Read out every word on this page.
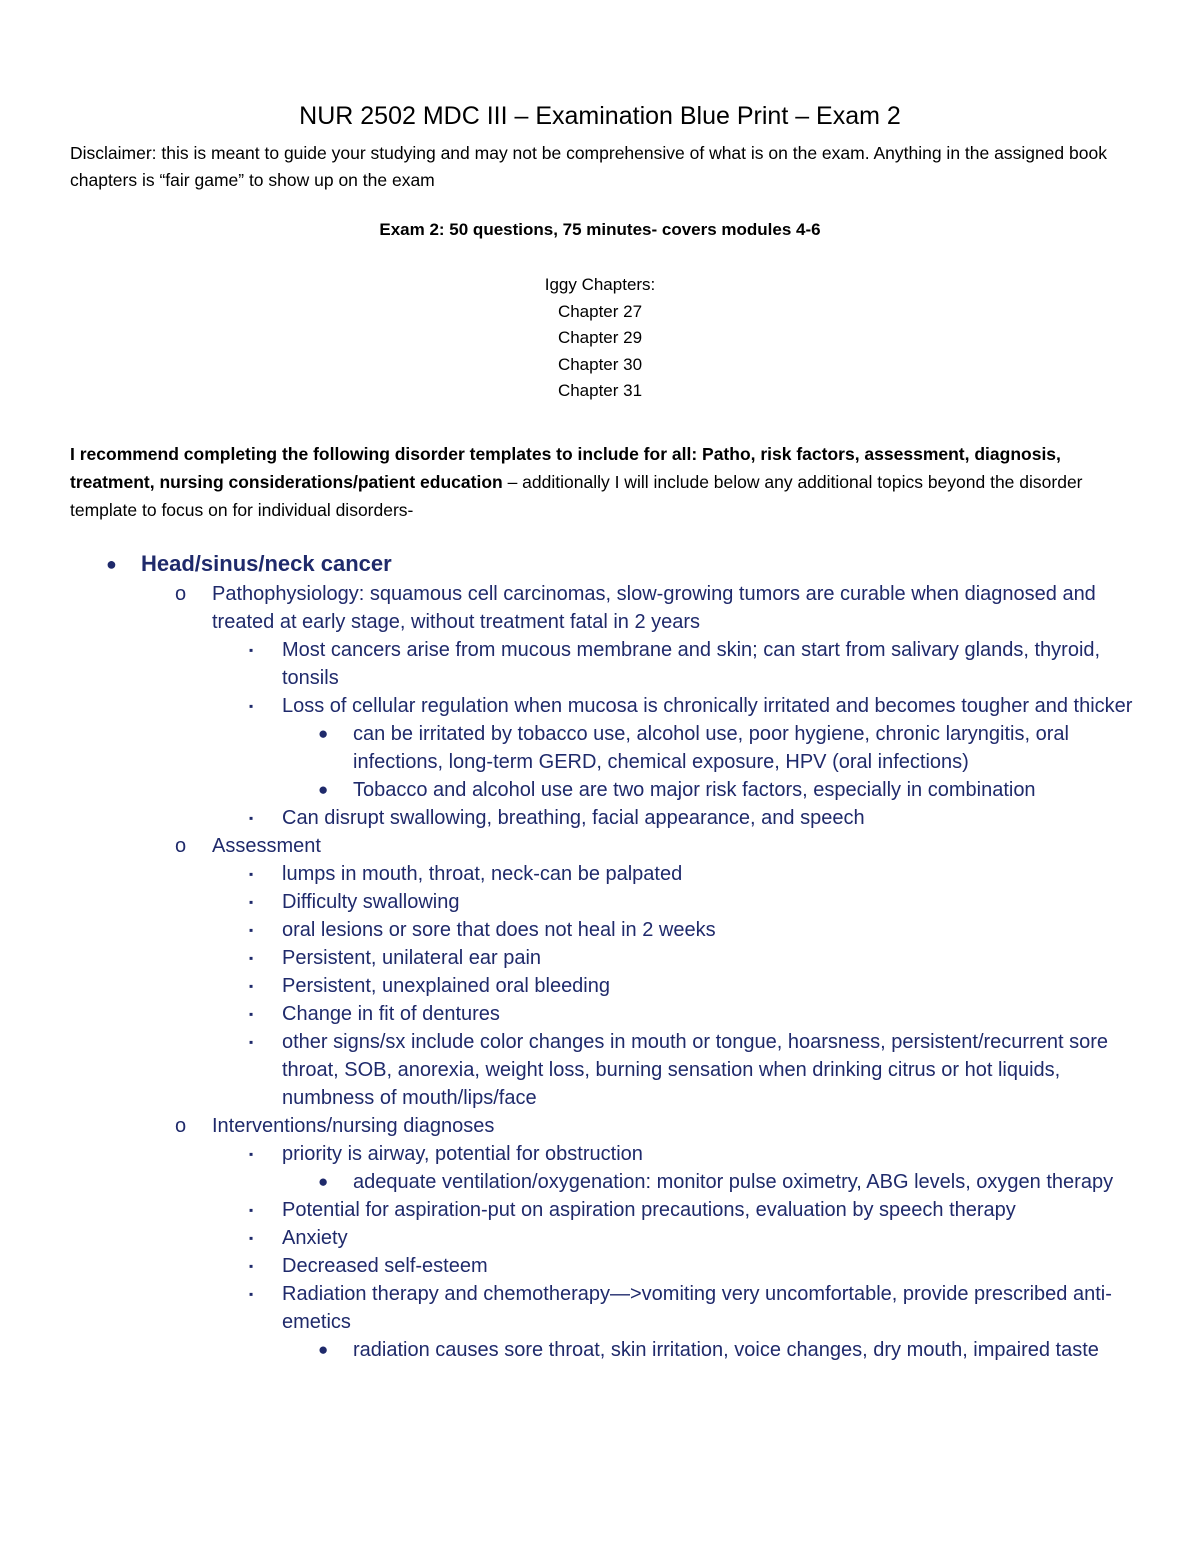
NUR 2502 MDC III – Examination Blue Print – Exam 2

Disclaimer: this is meant to guide your studying and may not be comprehensive of what is on the exam. Anything in the assigned book chapters is “fair game” to show up on the exam

Exam 2: 50 questions, 75 minutes- covers modules 4-6
Iggy Chapters:
Chapter 27
Chapter 29
Chapter 30
Chapter 31

I recommend completing the following disorder templates to include for all: Patho, risk factors, assessment, diagnosis, treatment, nursing considerations/patient education – additionally I will include below any additional topics beyond the disorder template to focus on for individual disorders-

● Head/sinus/neck cancer
o Pathophysiology: squamous cell carcinomas, slow-growing tumors are curable when diagnosed and treated at early stage, without treatment fatal in 2 years
▪ Most cancers arise from mucous membrane and skin; can start from salivary glands, thyroid, tonsils
▪ Loss of cellular regulation when mucosa is chronically irritated and becomes tougher and thicker
● can be irritated by tobacco use, alcohol use, poor hygiene, chronic laryngitis, oral infections, long-term GERD, chemical exposure, HPV (oral infections)
● Tobacco and alcohol use are two major risk factors, especially in combination
▪ Can disrupt swallowing, breathing, facial appearance, and speech
o Assessment
▪ lumps in mouth, throat, neck-can be palpated
▪ Difficulty swallowing
▪ oral lesions or sore that does not heal in 2 weeks
▪ Persistent, unilateral ear pain
▪ Persistent, unexplained oral bleeding
▪ Change in fit of dentures
▪ other signs/sx include color changes in mouth or tongue, hoarsness, persistent/recurrent sore throat, SOB, anorexia, weight loss, burning sensation when drinking citrus or hot liquids, numbness of mouth/lips/face
o Interventions/nursing diagnoses
▪ priority is airway, potential for obstruction
● adequate ventilation/oxygenation: monitor pulse oximetry, ABG levels, oxygen therapy
▪ Potential for aspiration-put on aspiration precautions, evaluation by speech therapy
▪ Anxiety
▪ Decreased self-esteem
▪ Radiation therapy and chemotherapy—>vomiting very uncomfortable, provide prescribed anti-emetics
● radiation causes sore throat, skin irritation, voice changes, dry mouth, impaired taste
